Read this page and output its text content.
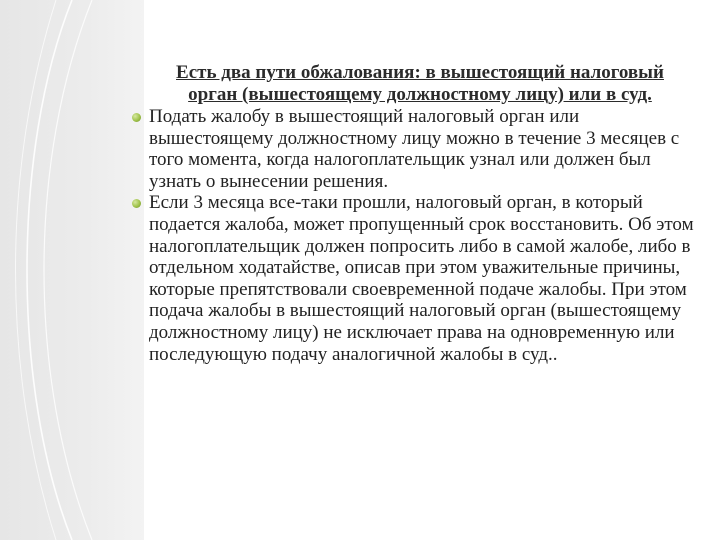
Есть два пути обжалования: в вышестоящий налоговый орган (вышестоящему должностному лицу) или в суд.

Подать жалобу в вышестоящий налоговый орган или вышестоящему должностному лицу можно в течение 3 месяцев с того момента, когда налогоплательщик узнал или должен был узнать о вынесении решения.
Если 3 месяца все-таки прошли, налоговый орган, в который подается жалоба, может пропущенный срок восстановить. Об этом налогоплательщик должен попросить либо в самой жалобе, либо в отдельном ходатайстве, описав при этом уважительные причины, которые препятствовали своевременной подаче жалобы. При этом подача жалобы в вышестоящий налоговый орган (вышестоящему должностному лицу) не исключает права на одновременную или последующую подачу аналогичной жалобы в суд..
